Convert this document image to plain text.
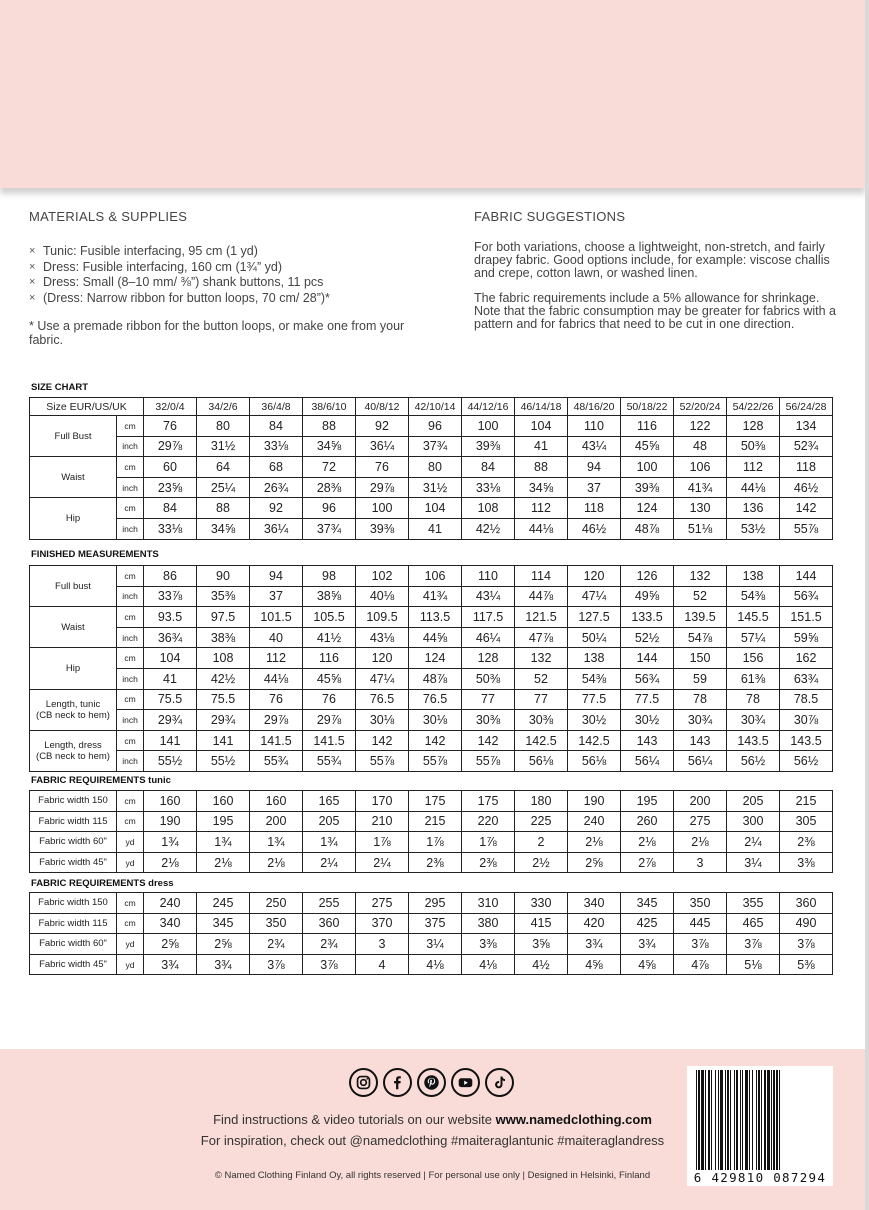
MATERIALS & SUPPLIES
× Tunic: Fusible interfacing, 95 cm (1 yd)
× Dress: Fusible interfacing, 160 cm (1¾” yd)
× Dress: Small (8–10 mm/ ⅜”) shank buttons, 11 pcs
× (Dress: Narrow ribbon for button loops, 70 cm/ 28”)*

* Use a premade ribbon for the button loops, or make one from your fabric.

FABRIC SUGGESTIONS

For both variations, choose a lightweight, non-stretch, and fairly drapey fabric. Good options include, for example: viscose challis and crepe, cotton lawn, or washed linen.

The fabric requirements include a 5% allowance for shrinkage. Note that the fabric consumption may be greater for fabrics with a pattern and for fabrics that need to be cut in one direction.

SIZE CHART
Size EUR/US/UK		32/0/4	34/2/6	36/4/8	38/6/10	40/8/12	42/10/14	44/12/16	46/14/18	48/16/20	50/18/22	52/20/24	54/22/26	56/24/28
Full Bust	cm	76	80	84	88	92	96	100	104	110	116	122	128	134
	inch	29⅞	31½	33⅛	34⅝	36¼	37¾	39⅜	41	43¼	45⅝	48	50⅜	52¾
Waist	cm	60	64	68	72	76	80	84	88	94	100	106	112	118
	inch	23⅝	25¼	26¾	28⅜	29⅞	31½	33⅛	34⅝	37	39⅜	41¾	44⅛	46½
Hip	cm	84	88	92	96	100	104	108	112	118	124	130	136	142
	inch	33⅛	34⅝	36¼	37¾	39⅜	41	42½	44⅛	46½	48⅞	51⅛	53½	55⅞
FINISHED MEASUREMENTS
Full bust	cm	86	90	94	98	102	106	110	114	120	126	132	138	144
	inch	33⅞	35⅜	37	38⅝	40⅛	41¾	43¼	44⅞	47¼	49⅝	52	54⅜	56¾
Waist	cm	93.5	97.5	101.5	105.5	109.5	113.5	117.5	121.5	127.5	133.5	139.5	145.5	151.5
	inch	36¾	38⅜	40	41½	43⅛	44⅝	46¼	47⅞	50¼	52½	54⅞	57¼	59⅝
Hip	cm	104	108	112	116	120	124	128	132	138	144	150	156	162
	inch	41	42½	44⅛	45⅝	47¼	48⅞	50⅜	52	54⅜	56¾	59	61⅜	63¾
Length, tunic
(CB neck to hem)	cm	75.5	75.5	76	76	76.5	76.5	77	77	77.5	77.5	78	78	78.5
	inch	29¾	29¾	29⅞	29⅞	30⅛	30⅛	30⅜	30⅜	30½	30½	30¾	30¾	30⅞
Length, dress
(CB neck to hem)	cm	141	141	141.5	141.5	142	142	142	142.5	142.5	143	143	143.5	143.5
	inch	55½	55½	55¾	55¾	55⅞	55⅞	55⅞	56⅛	56⅛	56¼	56¼	56½	56½
FABRIC REQUIREMENTS tunic
Fabric width 150	cm	160	160	160	165	170	175	175	180	190	195	200	205	215
Fabric width 115	cm	190	195	200	205	210	215	220	225	240	260	275	300	305
Fabric width 60"	yd	1¾	1¾	1¾	1¾	1⅞	1⅞	1⅞	2	2⅛	2⅛	2⅛	2¼	2⅜
Fabric width 45"	yd	2⅛	2⅛	2⅛	2¼	2¼	2⅜	2⅜	2½	2⅝	2⅞	3	3¼	3⅜
FABRIC REQUIREMENTS dress
Fabric width 150	cm	240	245	250	255	275	295	310	330	340	345	350	355	360
Fabric width 115	cm	340	345	350	360	370	375	380	415	420	425	445	465	490
Fabric width 60"	yd	2⅝	2⅝	2¾	2¾	3	3¼	3⅜	3⅝	3¾	3¾	3⅞	3⅞	3⅞
Fabric width 45"	yd	3¾	3¾	3⅞	3⅞	4	4⅛	4⅛	4½	4⅝	4⅝	4⅞	5⅛	5⅜
Find instructions & video tutorials on our website www.namedclothing.com
For inspiration, check out @namedclothing #maiteraglantunic #maiteraglandress
© Named Clothing Finland Oy, all rights reserved | For personal use only | Designed in Helsinki, Finland	6 429810 087294
